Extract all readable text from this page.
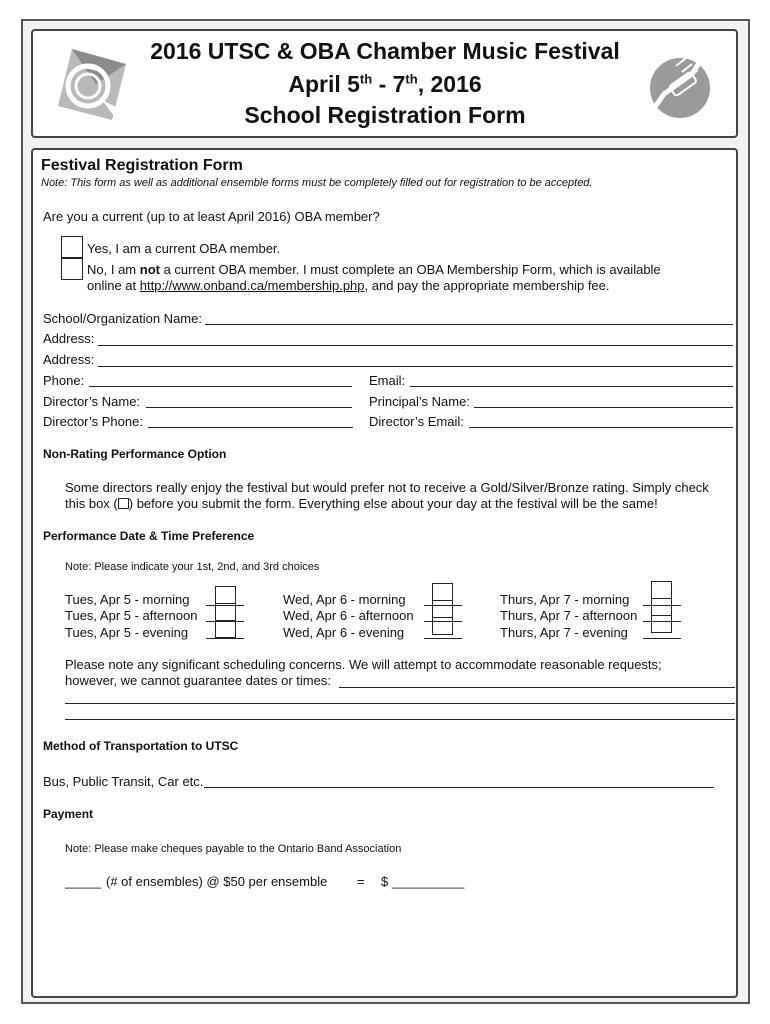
2016 UTSC & OBA Chamber Music Festival
April 5th - 7th, 2016
School Registration Form
Festival Registration Form
Note: This form as well as additional ensemble forms must be completely filled out for registration to be accepted.
Are you a current (up to at least April 2016) OBA member?
Yes, I am a current OBA member.
No, I am not a current OBA member. I must complete an OBA Membership Form, which is available
online at http://www.onband.ca/membership.php, and pay the appropriate membership fee.
School/Organization Name:
Address:
Address:
Phone:	Email:
Director’s Name:	Principal’s Name:
Director’s Phone:	Director’s Email:
Non-Rating Performance Option
Some directors really enjoy the festival but would prefer not to receive a Gold/Silver/Bronze rating. Simply check
this box ( ) before you submit the form. Everything else about your day at the festival will be the same!
Performance Date & Time Preference
Note: Please indicate your 1st, 2nd, and 3rd choices
Tues, Apr 5 - morning
Tues, Apr 5 - afternoon
Tues, Apr 5 - evening
Wed, Apr 6 - morning
Wed, Apr 6 - afternoon
Wed, Apr 6 - evening
Thurs, Apr 7 - morning
Thurs, Apr 7 - afternoon
Thurs, Apr 7 - evening
Please note any significant scheduling concerns. We will attempt to accommodate reasonable requests;
however, we cannot guarantee dates or times:
Method of Transportation to UTSC
Bus, Public Transit, Car etc.
Payment
Note: Please make cheques payable to the Ontario Band Association
_____ (# of ensembles) @ $50 per ensemble = $ __________
